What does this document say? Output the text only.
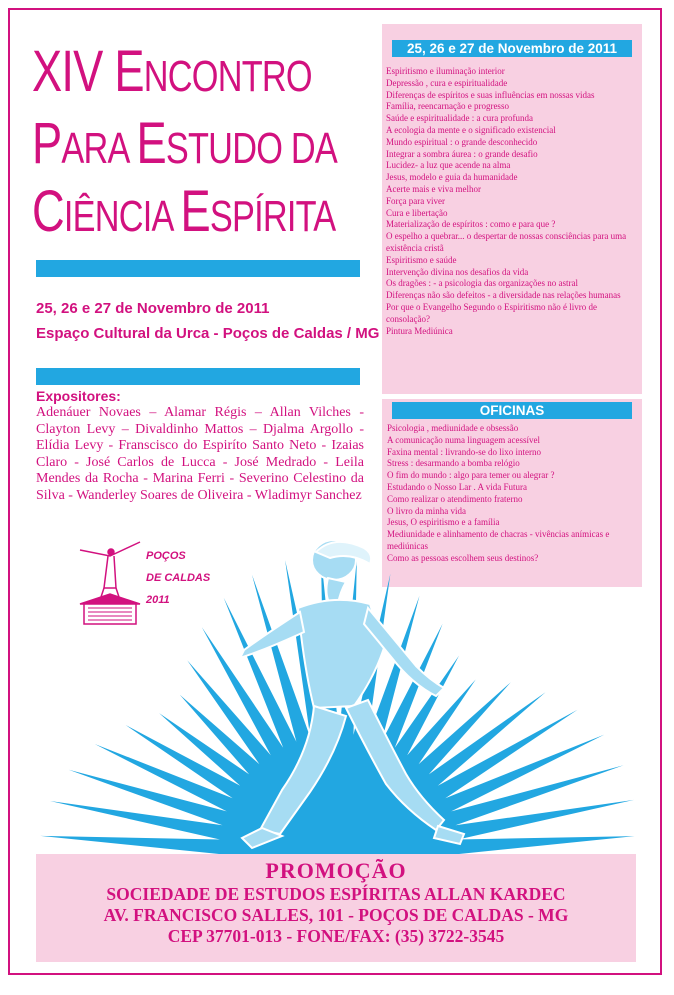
XIV ENCONTRO
PARA ESTUDO DA
CIÊNCIA ESPÍRITA
25, 26 e 27 de Novembro de 2011
Espaço Cultural da Urca - Poços de Caldas / MG
Expositores:

Adenáuer Novaes – Alamar Régis – Allan Vilches - Clayton Levy – Divaldinho Mattos – Djalma Argollo - Elídia Levy - Franscisco do Espiríto Santo Neto - Izaias Claro - José Carlos de Lucca - José Medrado - Leila Mendes da Rocha - Marina Ferri - Severino Celestino da Silva - Wanderley Soares de Oliveira - Wladimyr Sanchez

25, 26 e 27 de Novembro de 2011
Espiritismo e iluminação interior
Depressão , cura e espiritualidade
Diferenças de espíritos e suas influências em nossas vidas
Família, reencarnação e progresso
Saúde e espiritualidade : a cura profunda
A ecologia da mente e o significado existencial
Mundo espiritual : o grande desconhecido
Integrar a sombra áurea : o grande desafio
Lucidez- a luz que acende na alma
Jesus, modelo e guia da humanidade
Acerte mais e viva melhor
Força para viver
Cura e libertação
Materialização de espíritos : como e para que ?
O espelho a quebrar... o despertar de nossas consciências para uma existência cristã
Espiritismo e saúde
Intervenção divina nos desafios da vida
Os dragões : - a psicologia das organizações no astral
Diferenças não são defeitos - a diversidade nas relações humanas
Por que o Evangelho Segundo o Espiritismo não é livro de consolação?
Pintura Mediúnica
OFICINAS
Psicologia , mediunidade e obsessão
A comunicação numa linguagem acessível
Faxina mental : livrando-se do lixo interno
Stress : desarmando a bomba relógio
O fim do mundo : algo para temer ou alegrar ?
Estudando o Nosso Lar . A vida Futura
Como realizar o atendimento fraterno
O livro da minha vida
Jesus, O espiritismo e a família
Mediunidade e alinhamento de chacras - vivências anímicas e mediúnicas
Como as pessoas escolhem seus destinos?
POÇOS
DE CALDAS
2011

PROMOÇÃO

SOCIEDADE DE ESTUDOS ESPÍRITAS ALLAN KARDEC

AV. FRANCISCO SALLES, 101 - POÇOS DE CALDAS - MG

CEP 37701-013 - FONE/FAX: (35) 3722-3545
